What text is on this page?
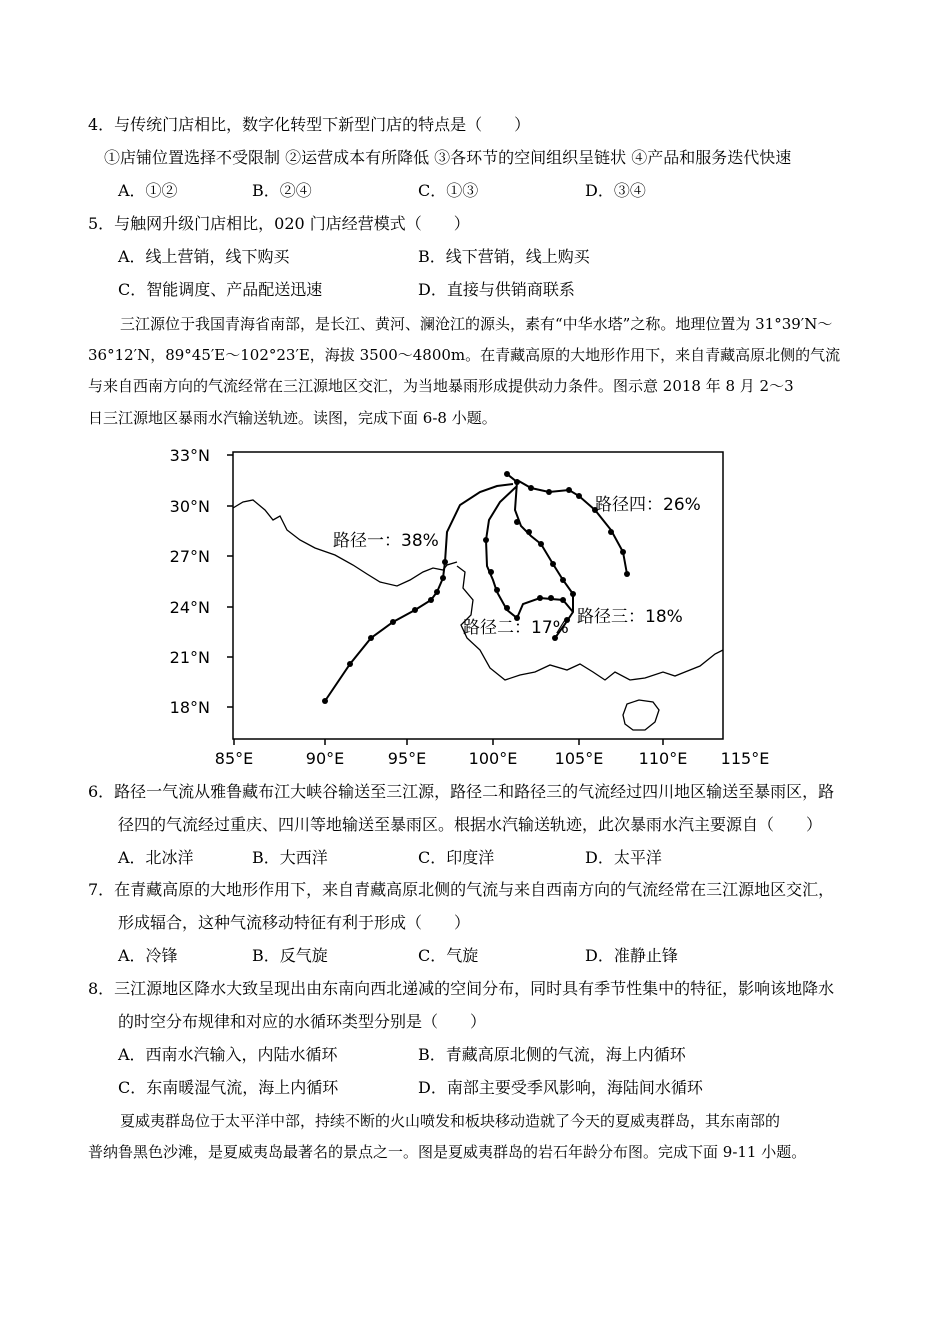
4．与传统门店相比，数字化转型下新型门店的特点是（　　）
①店铺位置选择不受限制 ②运营成本有所降低 ③各环节的空间组织呈链状 ④产品和服务迭代快速
A．①②	B．②④	C．①③	D．③④
5．与触网升级门店相比，020 门店经营模式（　　）
A．线上营销，线下购买	B．线下营销，线上购买
C．智能调度、产品配送迅速	D．直接与供销商联系
三江源位于我国青海省南部，是长江、黄河、澜沧江的源头，素有“中华水塔”之称。地理位置为 31°39′N～
36°12′N，89°45′E～102°23′E，海拔 3500～4800m。在青藏高原的大地形作用下，来自青藏高原北侧的气流
与来自西南方向的气流经常在三江源地区交汇，为当地暴雨形成提供动力条件。图示意 2018 年 8 月 2～3
日三江源地区暴雨水汽输送轨迹。读图，完成下面 6-8 小题。
33°N
30°N
27°N
24°N
21°N
18°N
85°E	90°E	95°E	100°E 105°E 110°E 115°E
路径一：38%
路径二：17%
路径三：18%
路径四：26%
6．路径一气流从雅鲁藏布江大峡谷输送至三江源，路径二和路径三的气流经过四川地区输送至暴雨区，路
径四的气流经过重庆、四川等地输送至暴雨区。根据水汽输送轨迹，此次暴雨水汽主要源自（　　）
A．北冰洋	B．大西洋	C．印度洋	D．太平洋
7．在青藏高原的大地形作用下，来自青藏高原北侧的气流与来自西南方向的气流经常在三江源地区交汇，
形成辐合，这种气流移动特征有利于形成（　　）
A．冷锋	B．反气旋	C．气旋	D．准静止锋
8．三江源地区降水大致呈现出由东南向西北递减的空间分布，同时具有季节性集中的特征，影响该地降水
的时空分布规律和对应的水循环类型分别是（　　）
A．西南水汽输入，内陆水循环	B．青藏高原北侧的气流，海上内循环
C．东南暖湿气流，海上内循环	D．南部主要受季风影响，海陆间水循环
夏威夷群岛位于太平洋中部，持续不断的火山喷发和板块移动造就了今天的夏威夷群岛，其东南部的
普纳鲁黑色沙滩，是夏威夷岛最著名的景点之一。图是夏威夷群岛的岩石年龄分布图。完成下面 9-11 小题。
